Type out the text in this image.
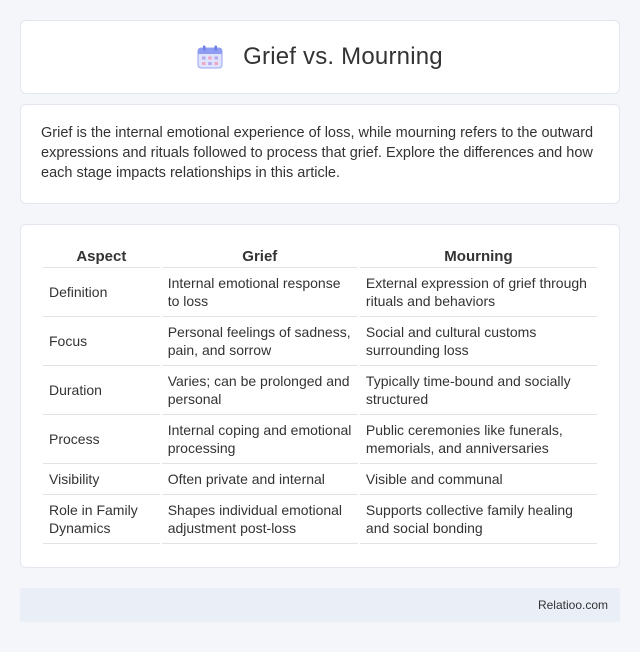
Grief vs. Mourning

Grief is the internal emotional experience of loss, while mourning refers to the outward expressions and rituals followed to process that grief. Explore the differences and how each stage impacts relationships in this article.

Aspect	Grief	Mourning
Definition	Internal emotional response to loss	External expression of grief through rituals and behaviors
Focus	Personal feelings of sadness, pain, and sorrow	Social and cultural customs surrounding loss
Duration	Varies; can be prolonged and personal	Typically time-bound and socially structured
Process	Internal coping and emotional processing	Public ceremonies like funerals, memorials, and anniversaries
Visibility	Often private and internal	Visible and communal
Role in Family Dynamics	Shapes individual emotional adjustment post-loss	Supports collective family healing and social bonding
Relatioo.com
